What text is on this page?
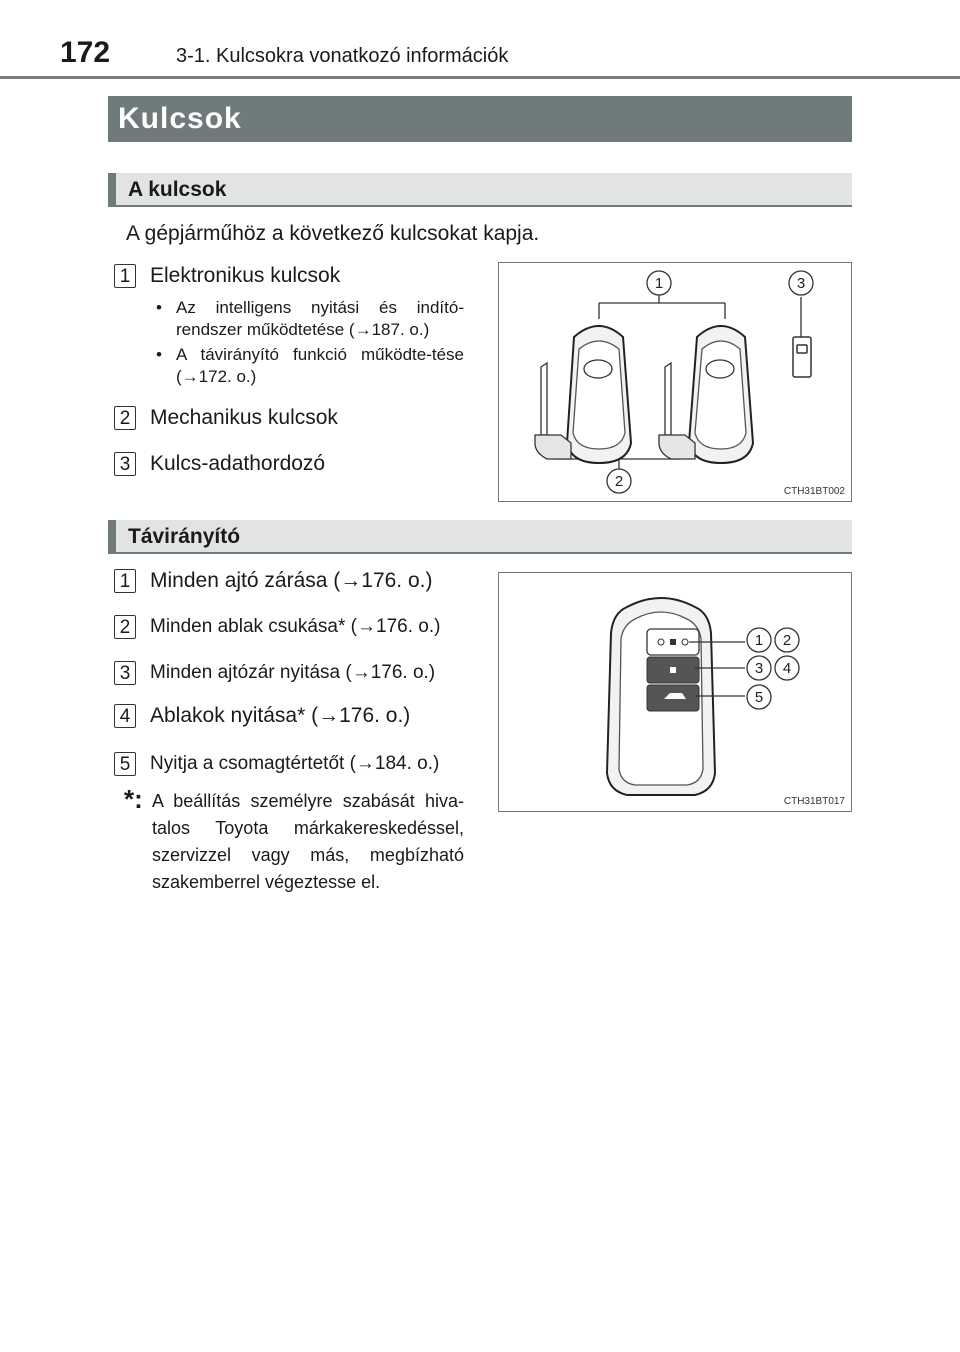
172	3-1. Kulcsokra vonatkozó információk
Kulcsok
A kulcsok
A gépjárműhöz a következő kulcsokat kapja.
1 Elektronikus kulcsok
• Az intelligens nyitási és indító-rendszer működtetése (→187. o.)
• A távirányító funkció működte-tése (→172. o.)
2 Mechanikus kulcsok
3 Kulcs-adathordozó
1
2
3
CTH31BT002
Távirányító
1 Minden ajtó zárása (→176. o.)
2	Minden ablak csukása* (→176. o.)
3	Minden ajtózár nyitása (→176. o.)
4 Ablakok nyitása* (→176. o.)
5	Nyitja a csomagtértetőt (→184. o.)
*: A beállítás személyre szabását hiva-talos Toyota márkakereskedéssel, szervizzel vagy más, megbízható szakemberrel végeztesse el.
1 2
3 4
5
CTH31BT017
